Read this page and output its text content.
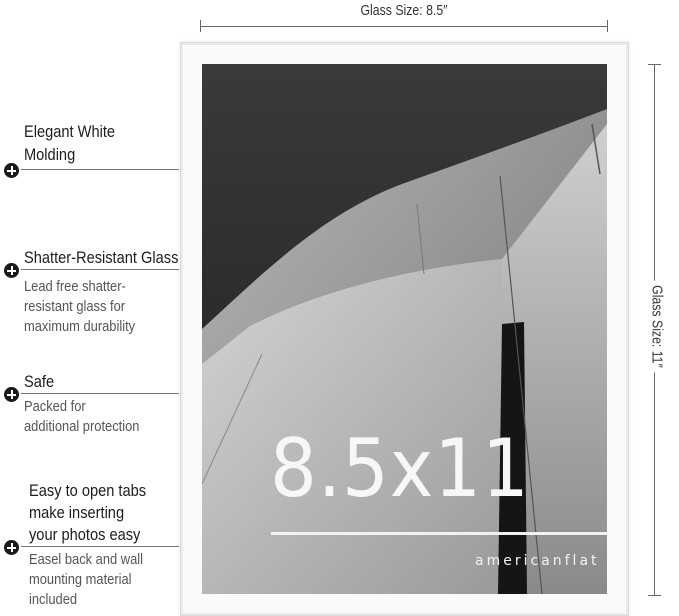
Glass Size: 8.5″
Glass Size: 11″
8.5x11
americanflat
Elegant White
Molding
Shatter-Resistant Glass
Lead free shatter-
resistant glass for
maximum durability
Safe
Packed for
additional protection
Easy to open tabs
make inserting
your photos easy
Easel back and wall
mounting material
included
